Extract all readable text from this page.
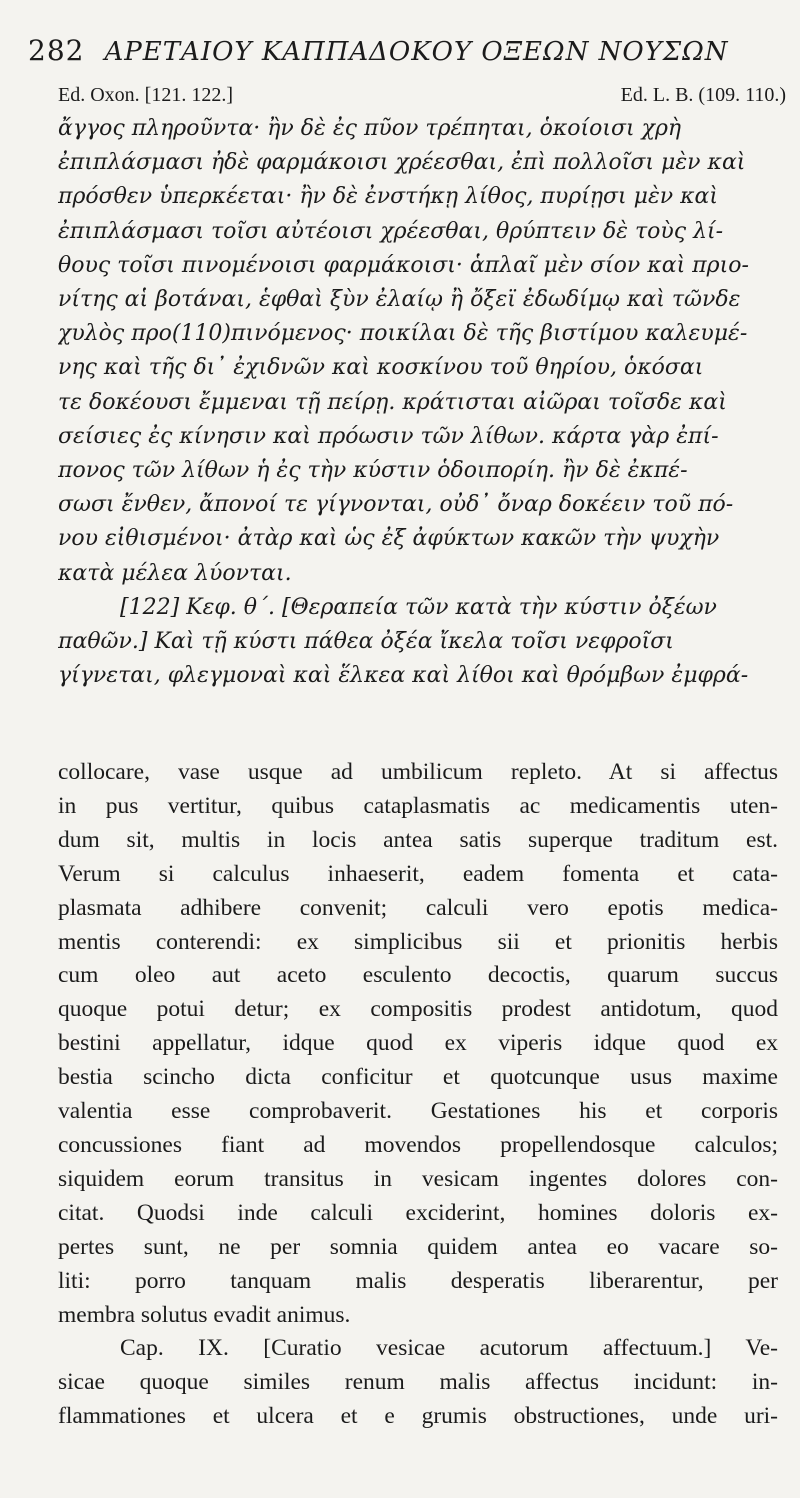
282 ΑΡΕΤΑΙΟΥ ΚΑΠΠΑΔΟΚΟΥ ΟΞΕΩΝ ΝΟΥΣΩΝ
Ed. Oxon. [121. 122.]	Ed. L. B. (109. 110.)
ἄγγος πληροῦντα· ἢν δὲ ἐς πῦον τρέπηται, ὁκοίοισι χρὴ
ἐπιπλάσμασι ἠδὲ φαρμάκοισι χρέεσθαι, ἐπὶ πολλοῖσι μὲν καὶ
πρόσθεν ὑπερκέεται· ἢν δὲ ἐνστήκῃ λίθος, πυρίῃσι μὲν καὶ
ἐπιπλάσμασι τοῖσι αὐτέοισι χρέεσθαι, θρύπτειν δὲ τοὺς λί-
θους τοῖσι πινομένοισι φαρμάκοισι· ἁπλαῖ μὲν σίον καὶ πριο-
νίτης αἱ βοτάναι, ἑφθαὶ ξὺν ἐλαίῳ ἢ ὄξεϊ ἐδωδίμῳ καὶ τῶνδε
χυλὸς προ(110)πινόμενος· ποικίλαι δὲ τῆς βιστίμου καλευμέ-
νης καὶ τῆς δι᾽ ἐχιδνῶν καὶ κοσκίνου τοῦ θηρίου, ὁκόσαι
τε δοκέουσι ἔμμεναι τῇ πείρῃ. κράτισται αἰῶραι τοῖσδε καὶ
σείσιες ἐς κίνησιν καὶ πρόωσιν τῶν λίθων. κάρτα γὰρ ἐπί-
πονος τῶν λίθων ἡ ἐς τὴν κύστιν ὁδοιπορίη. ἢν δὲ ἐκπέ-
σωσι ἔνθεν, ἄπονοί τε γίγνονται, οὐδ᾽ ὄναρ δοκέειν τοῦ πό-
νου εἰθισμένοι· ἀτὰρ καὶ ὡς ἐξ ἀφύκτων κακῶν τὴν ψυχὴν
κατὰ μέλεα λύονται.
[122] Κεφ. θ΄. [Θεραπεία τῶν κατὰ τὴν κύστιν ὀξέων
παθῶν.] Καὶ τῇ κύστι πάθεα ὀξέα ἴκελα τοῖσι νεφροῖσι
γίγνεται, φλεγμοναὶ καὶ ἕλκεα καὶ λίθοι καὶ θρόμβων ἐμφρά-
collocare, vase usque ad umbilicum repleto. At si affectus
in pus vertitur, quibus cataplasmatis ac medicamentis uten-
dum sit, multis in locis antea satis superque traditum est.
Verum si calculus inhaeserit, eadem fomenta et cata-
plasmata adhibere convenit; calculi vero epotis medica-
mentis conterendi: ex simplicibus sii et prionitis herbis
cum oleo aut aceto esculento decoctis, quarum succus
quoque potui detur; ex compositis prodest antidotum, quod
bestini appellatur, idque quod ex viperis idque quod ex
bestia scincho dicta conficitur et quotcunque usus maxime
valentia esse comprobaverit. Gestationes his et corporis
concussiones fiant ad movendos propellendosque calculos;
siquidem eorum transitus in vesicam ingentes dolores con-
citat. Quodsi inde calculi exciderint, homines doloris ex-
pertes sunt, ne per somnia quidem antea eo vacare so-
liti: porro tanquam malis desperatis liberarentur, per
membra solutus evadit animus.
Cap. IX. [Curatio vesicae acutorum affectuum.] Ve-
sicae quoque similes renum malis affectus incidunt: in-
flammationes et ulcera et e grumis obstructiones, unde uri-
